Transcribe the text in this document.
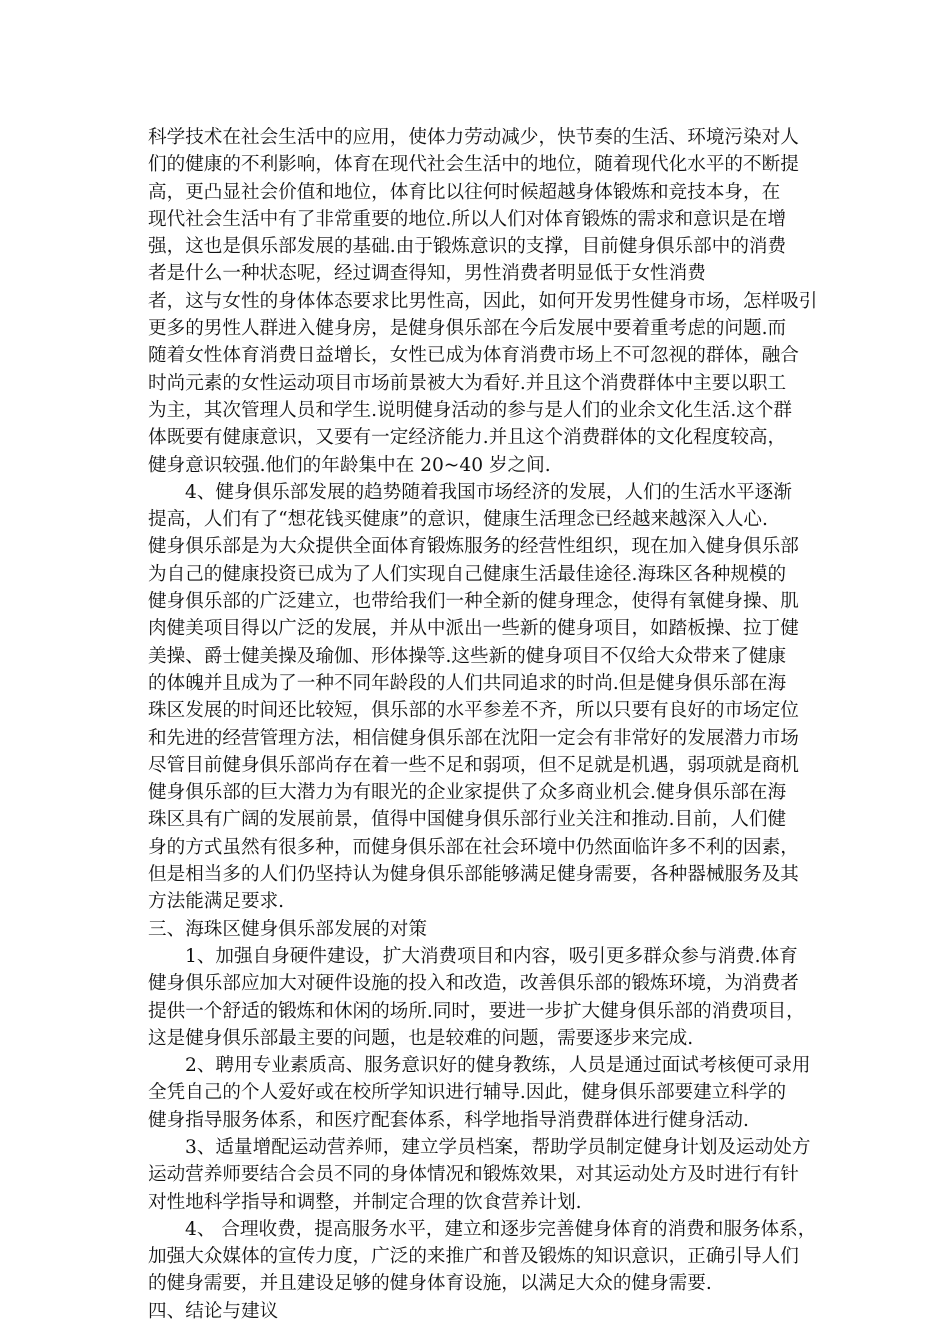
科学技术在社会生活中的应用，使体力劳动减少，快节奏的生活、环境污染对人
们的健康的不利影响，体育在现代社会生活中的地位，随着现代化水平的不断提
高，更凸显社会价值和地位，体育比以往何时候超越身体锻炼和竞技本身，在
现代社会生活中有了非常重要的地位.所以人们对体育锻炼的需求和意识是在增
强，这也是俱乐部发展的基础.由于锻炼意识的支撑，目前健身俱乐部中的消费
者是什么一种状态呢，经过调查得知，男性消费者明显低于女性消费
者，这与女性的身体体态要求比男性高，因此，如何开发男性健身市场，怎样吸引
更多的男性人群进入健身房，是健身俱乐部在今后发展中要着重考虑的问题.而
随着女性体育消费日益增长，女性已成为体育消费市场上不可忽视的群体，融合
时尚元素的女性运动项目市场前景被大为看好.并且这个消费群体中主要以职工
为主，其次管理人员和学生.说明健身活动的参与是人们的业余文化生活.这个群
体既要有健康意识，又要有一定经济能力.并且这个消费群体的文化程度较高，
健身意识较强.他们的年龄集中在 20~40 岁之间.
4、健身俱乐部发展的趋势随着我国市场经济的发展，人们的生活水平逐渐
提高，人们有了“想花钱买健康”的意识，健康生活理念已经越来越深入人心.
健身俱乐部是为大众提供全面体育锻炼服务的经营性组织，现在加入健身俱乐部
为自己的健康投资已成为了人们实现自己健康生活最佳途径.海珠区各种规模的
健身俱乐部的广泛建立，也带给我们一种全新的健身理念，使得有氧健身操、肌
肉健美项目得以广泛的发展，并从中派出一些新的健身项目，如踏板操、拉丁健
美操、爵士健美操及瑜伽、形体操等.这些新的健身项目不仅给大众带来了健康
的体魄并且成为了一种不同年龄段的人们共同追求的时尚.但是健身俱乐部在海
珠区发展的时间还比较短，俱乐部的水平参差不齐，所以只要有良好的市场定位
和先进的经营管理方法，相信健身俱乐部在沈阳一定会有非常好的发展潜力市场
尽管目前健身俱乐部尚存在着一些不足和弱项，但不足就是机遇，弱项就是商机
健身俱乐部的巨大潜力为有眼光的企业家提供了众多商业机会.健身俱乐部在海
珠区具有广阔的发展前景，值得中国健身俱乐部行业关注和推动.目前，人们健
身的方式虽然有很多种，而健身俱乐部在社会环境中仍然面临许多不利的因素，
但是相当多的人们仍坚持认为健身俱乐部能够满足健身需要，各种器械服务及其
方法能满足要求.
三、海珠区健身俱乐部发展的对策
1、加强自身硬件建设，扩大消费项目和内容，吸引更多群众参与消费.体育
健身俱乐部应加大对硬件设施的投入和改造，改善俱乐部的锻炼环境，为消费者
提供一个舒适的锻炼和休闲的场所.同时，要进一步扩大健身俱乐部的消费项目，
这是健身俱乐部最主要的问题，也是较难的问题，需要逐步来完成.
2、聘用专业素质高、服务意识好的健身教练，人员是通过面试考核便可录用
全凭自己的个人爱好或在校所学知识进行辅导.因此，健身俱乐部要建立科学的
健身指导服务体系，和医疗配套体系，科学地指导消费群体进行健身活动.
3、适量增配运动营养师，建立学员档案，帮助学员制定健身计划及运动处方
运动营养师要结合会员不同的身体情况和锻炼效果，对其运动处方及时进行有针
对性地科学指导和调整，并制定合理的饮食营养计划.
4、 合理收费，提高服务水平，建立和逐步完善健身体育的消费和服务体系，
加强大众媒体的宣传力度，广泛的来推广和普及锻炼的知识意识，正确引导人们
的健身需要，并且建设足够的健身体育设施，以满足大众的健身需要.
四、结论与建议
